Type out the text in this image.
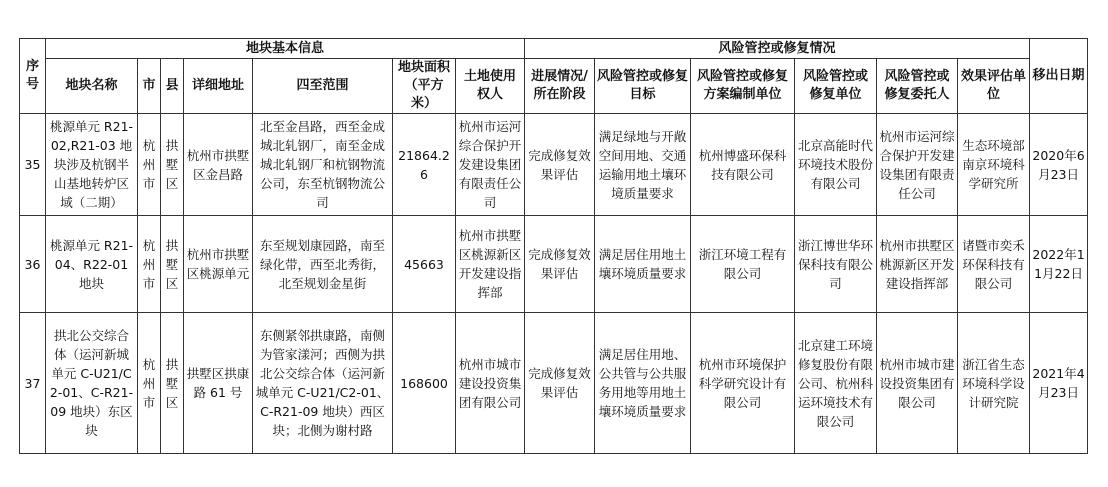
序号	地块基本信息							风险管控或修复情况						移出日期
	地块名称	市	县	详细地址	四至范围	地块面积（平方米）	土地使用权人	进展情况/所在阶段	风险管控或修复目标	风险管控或修复方案编制单位	风险管控或修复单位	风险管控或修复委托人	效果评估单位	
35	桃源单元 R21-02,R21-03 地块涉及杭钢半山基地转炉区域（二期）	杭州市	拱墅区	杭州市拱墅区金昌路	北至金昌路，西至金成城北轧钢厂，南至金成城北轧钢厂和杭钢物流公司，东至杭钢物流公司	21864.26	杭州市运河综合保护开发建设集团有限责任公司	完成修复效果评估	满足绿地与开敞空间用地、交通运输用地土壤环境质量要求	杭州博盛环保科技有限公司	北京高能时代环境技术股份有限公司	杭州市运河综合保护开发建设集团有限责任公司	生态环境部南京环境科学研究所	2020年6月23日
36	桃源单元 R21-04、R22-01 地块	杭州市	拱墅区	杭州市拱墅区桃源单元	东至规划康园路，南至绿化带，西至北秀街，北至规划金星街	45663	杭州市拱墅区桃源新区开发建设指挥部	完成修复效果评估	满足居住用地土壤环境质量要求	浙江环境工程有限公司	浙江博世华环保科技有限公司	杭州市拱墅区桃源新区开发建设指挥部	诸暨市奕禾环保科技有限公司	2022年11月22日
37	拱北公交综合体（运河新城单元 C-U21/C2-01、C-R21-09 地块）东区块	杭州市	拱墅区	拱墅区拱康路 61 号	东侧紧邻拱康路，南侧为管家漾河；西侧为拱北公交综合体（运河新城单元 C-U21/C2-01、C-R21-09 地块）西区块；北侧为谢村路	168600	杭州市城市建设投资集团有限公司	完成修复效果评估	满足居住用地、公共管与公共服务用地等用地土壤环境质量要求	杭州市环境保护科学研究设计有限公司	北京建工环境修复股份有限公司、杭州科运环境技术有限公司	杭州市城市建设投资集团有限公司	浙江省生态环境科学设计研究院	2021年4月23日
